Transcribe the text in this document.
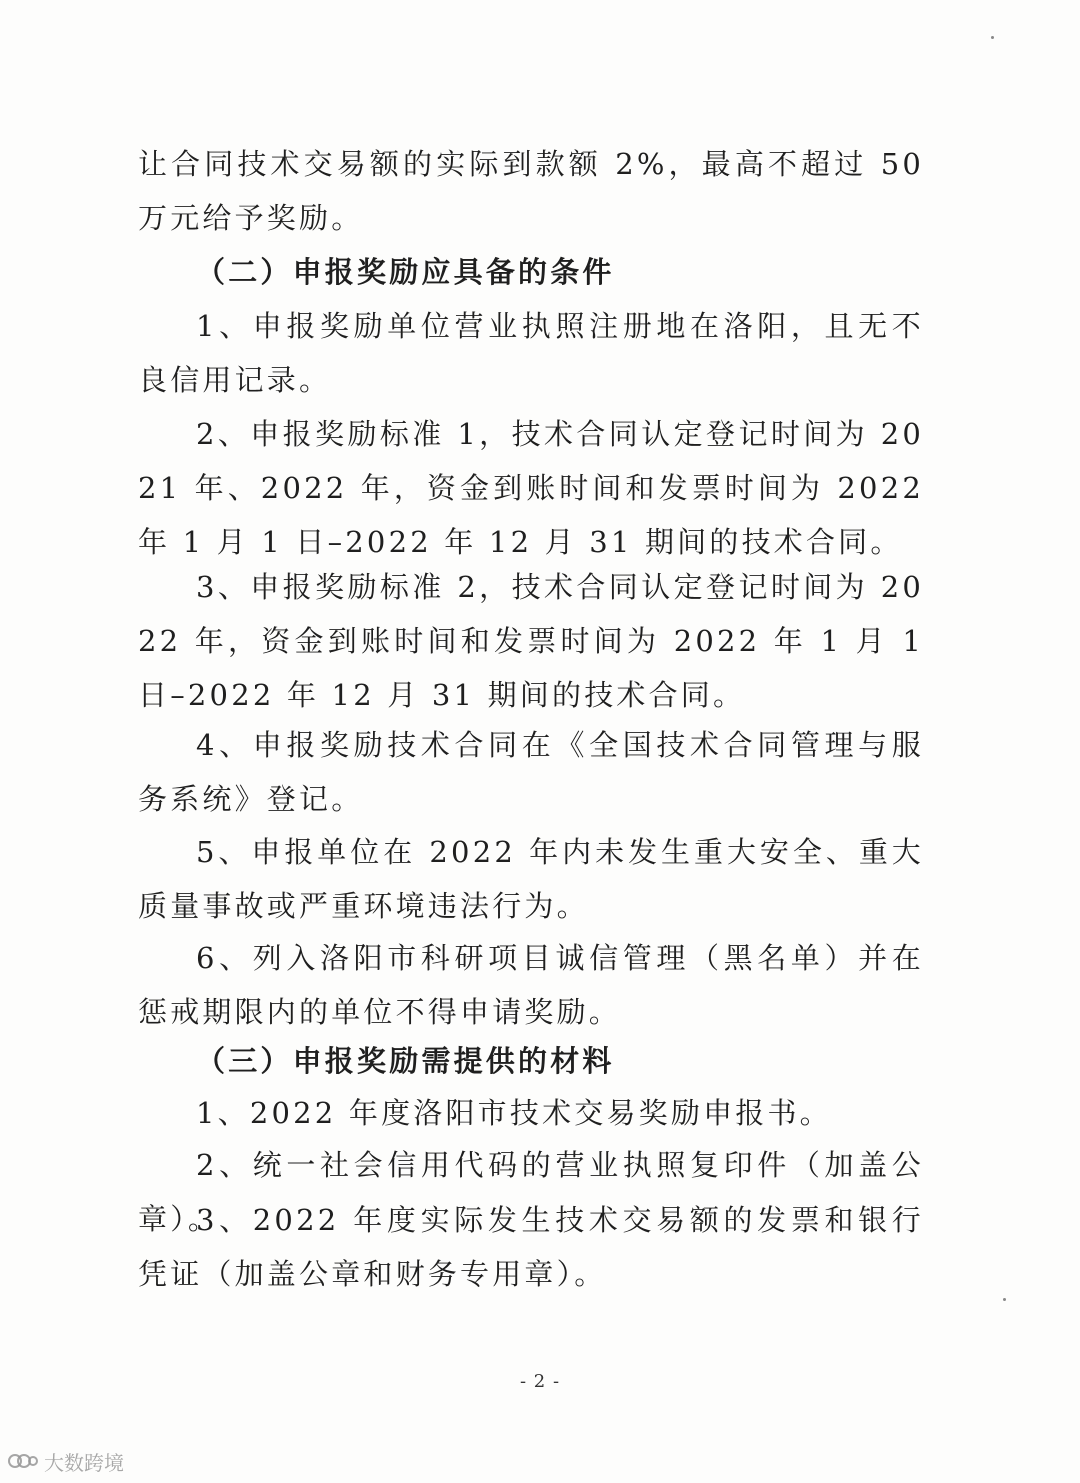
让合同技术交易额的实际到款额 2%，最高不超过 50 万元给予奖励。

（二）申报奖励应具备的条件

1、申报奖励单位营业执照注册地在洛阳，且无不良信用记录。

2、申报奖励标准 1，技术合同认定登记时间为 2021 年、2022 年，资金到账时间和发票时间为 2022 年 1 月 1 日–2022 年 12 月 31 期间的技术合同。

3、申报奖励标准 2，技术合同认定登记时间为 2022 年，资金到账时间和发票时间为 2022 年 1 月 1 日–2022 年 12 月 31 期间的技术合同。

4、申报奖励技术合同在《全国技术合同管理与服务系统》登记。

5、申报单位在 2022 年内未发生重大安全、重大质量事故或严重环境违法行为。

6、列入洛阳市科研项目诚信管理（黑名单）并在惩戒期限内的单位不得申请奖励。

（三）申报奖励需提供的材料

1、2022 年度洛阳市技术交易奖励申报书。

2、统一社会信用代码的营业执照复印件（加盖公章）。

3、2022 年度实际发生技术交易额的发票和银行凭证（加盖公章和财务专用章）。

- 2 -
大数跨境
